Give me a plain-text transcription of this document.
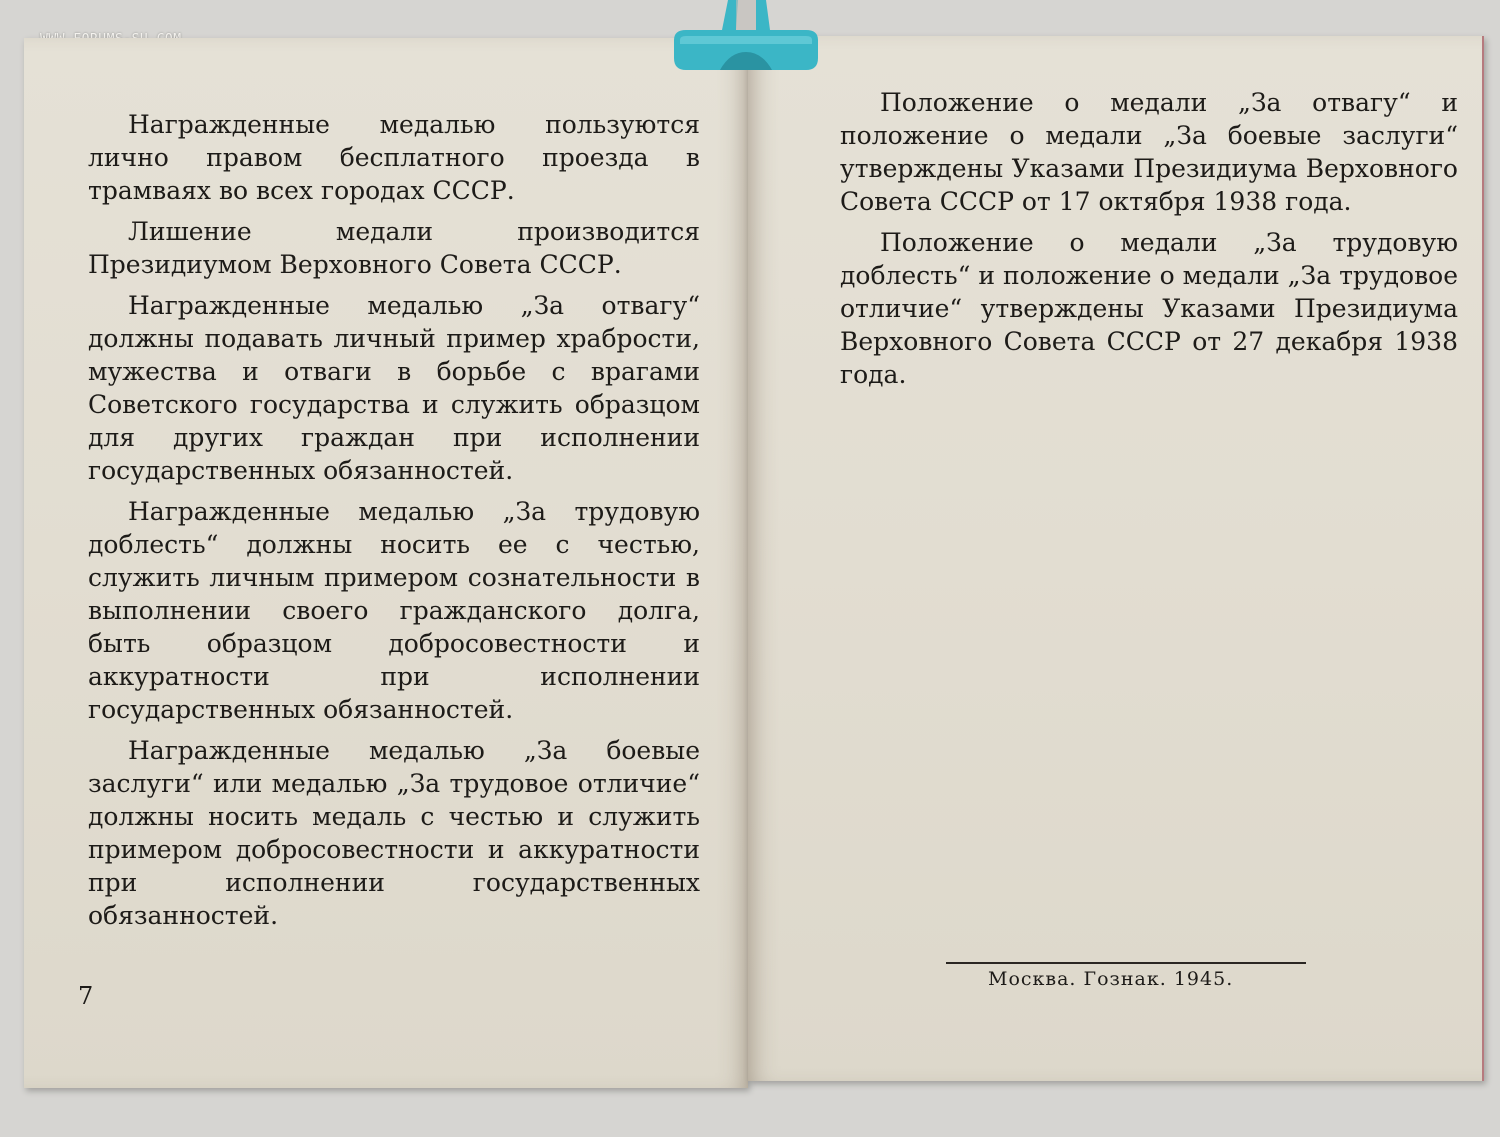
Награжденные медалью пользуются лично правом бесплатного проезда в трамваях во всех городах СССР.

Лишение медали производится Президиумом Верховного Совета СССР.

Награжденные медалью „За отвагу“ должны подавать личный пример храбрости, мужества и отваги в борьбе с врагами Советского государства и служить образцом для других граждан при исполнении государственных обязанностей.

Награжденные медалью „За трудовую доблесть“ должны носить ее с честью, служить личным примером сознательности в выполнении своего гражданского долга, быть образцом добросовестности и аккуратности при исполнении государственных обязанностей.

Награжденные медалью „За боевые заслуги“ или медалью „За трудовое отличие“ должны носить медаль с честью и служить примером добросовестности и аккуратности при исполнении государственных обязанностей.

7

Положение о медали „За отвагу“ и положение о медали „За боевые заслуги“ утверждены Указами Президиума Верховного Совета СССР от 17 октября 1938 года.

Положение о медали „За трудовую доблесть“ и положение о медали „За трудовое отличие“ утверждены Указами Президиума Верховного Совета СССР от 27 декабря 1938 года.

Москва. Гознак. 1945.
